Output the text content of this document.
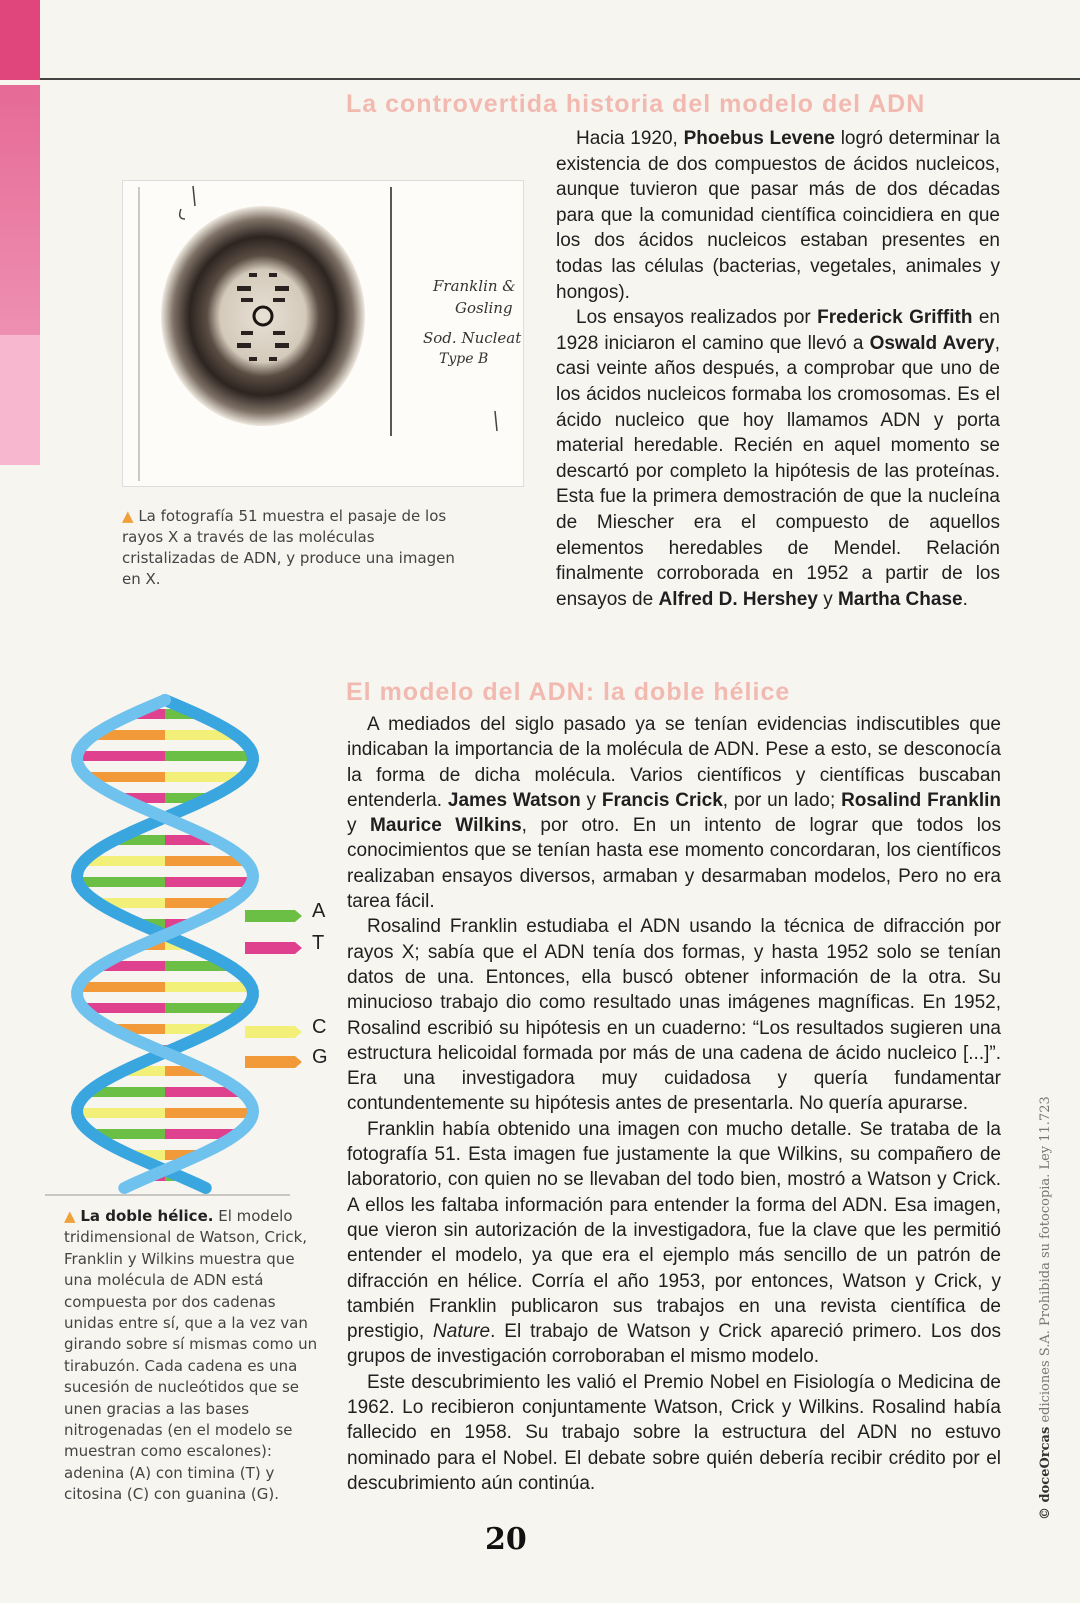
La controvertida historia del modelo del ADN
Franklin &
Gosling
Sod. Nucleat
Type B
▲ La fotografía 51 muestra el pasaje de los rayos X a través de las moléculas cristalizadas de ADN, y produce una imagen en X.

Hacia 1920, Phoebus Levene logró determinar la existencia de dos compuestos de ácidos nucleicos, aunque tuvieron que pasar más de dos décadas para que la comunidad científica coincidiera en que los dos ácidos nucleicos estaban presentes en todas las células (bacterias, vegetales, animales y hongos).

Los ensayos realizados por Frederick Griffith en 1928 iniciaron el camino que llevó a Oswald Avery, casi veinte años después, a comprobar que uno de los ácidos nucleicos formaba los cromosomas. Es el ácido nucleico que hoy llamamos ADN y porta material heredable. Recién en aquel momento se descartó por completo la hipótesis de las proteínas. Esta fue la primera demostración de que la nucleína de Miescher era el compuesto de aquellos elementos heredables de Mendel. Relación finalmente corroborada en 1952 a partir de los ensayos de Alfred D. Hershey y Martha Chase.

El modelo del ADN: la doble hélice
A
T
C
G
▲ La doble hélice. El modelo tridimensional de Watson, Crick, Franklin y Wilkins muestra que una molécula de ADN está compuesta por dos cadenas unidas entre sí, que a la vez van girando sobre sí mismas como un tirabuzón. Cada cadena es una sucesión de nucleótidos que se unen gracias a las bases nitrogenadas (en el modelo se muestran como escalones): adenina (A) con timina (T) y citosina (C) con guanina (G).

A mediados del siglo pasado ya se tenían evidencias indiscutibles que indicaban la importancia de la molécula de ADN. Pese a esto, se desconocía la forma de dicha molécula. Varios científicos y científicas buscaban entenderla. James Watson y Francis Crick, por un lado; Rosalind Franklin y Maurice Wilkins, por otro. En un intento de lograr que todos los conocimientos que se tenían hasta ese momento concordaran, los científicos realizaban ensayos diversos, armaban y desarmaban modelos, Pero no era tarea fácil.

Rosalind Franklin estudiaba el ADN usando la técnica de difracción por rayos X; sabía que el ADN tenía dos formas, y hasta 1952 solo se tenían datos de una. Entonces, ella buscó obtener información de la otra. Su minucioso trabajo dio como resultado unas imágenes magníficas. En 1952, Rosalind escribió su hipótesis en un cuaderno: “Los resultados sugieren una estructura helicoidal formada por más de una cadena de ácido nucleico [...]”. Era una investigadora muy cuidadosa y quería fundamentar contundentemente su hipótesis antes de presentarla. No quería apurarse.

Franklin había obtenido una imagen con mucho detalle. Se trataba de la fotografía 51. Esta imagen fue justamente la que Wilkins, su compañero de laboratorio, con quien no se llevaban del todo bien, mostró a Watson y Crick. A ellos les faltaba información para entender la forma del ADN. Esa imagen, que vieron sin autorización de la investigadora, fue la clave que les permitió entender el modelo, ya que era el ejemplo más sencillo de un patrón de difracción en hélice. Corría el año 1953, por entonces, Watson y Crick, y también Franklin publicaron sus trabajos en una revista científica de prestigio, Nature. El trabajo de Watson y Crick apareció primero. Los dos grupos de investigación corroboraban el mismo modelo.

Este descubrimiento les valió el Premio Nobel en Fisiología o Medicina de 1962. Lo recibieron conjuntamente Watson, Crick y Wilkins. Rosalind había fallecido en 1958. Su trabajo sobre la estructura del ADN no estuvo nominado para el Nobel. El debate sobre quién debería recibir crédito por el descubrimiento aún continúa.

20
© doceOrcas ediciones S.A. Prohibida su fotocopia. Ley 11.723
